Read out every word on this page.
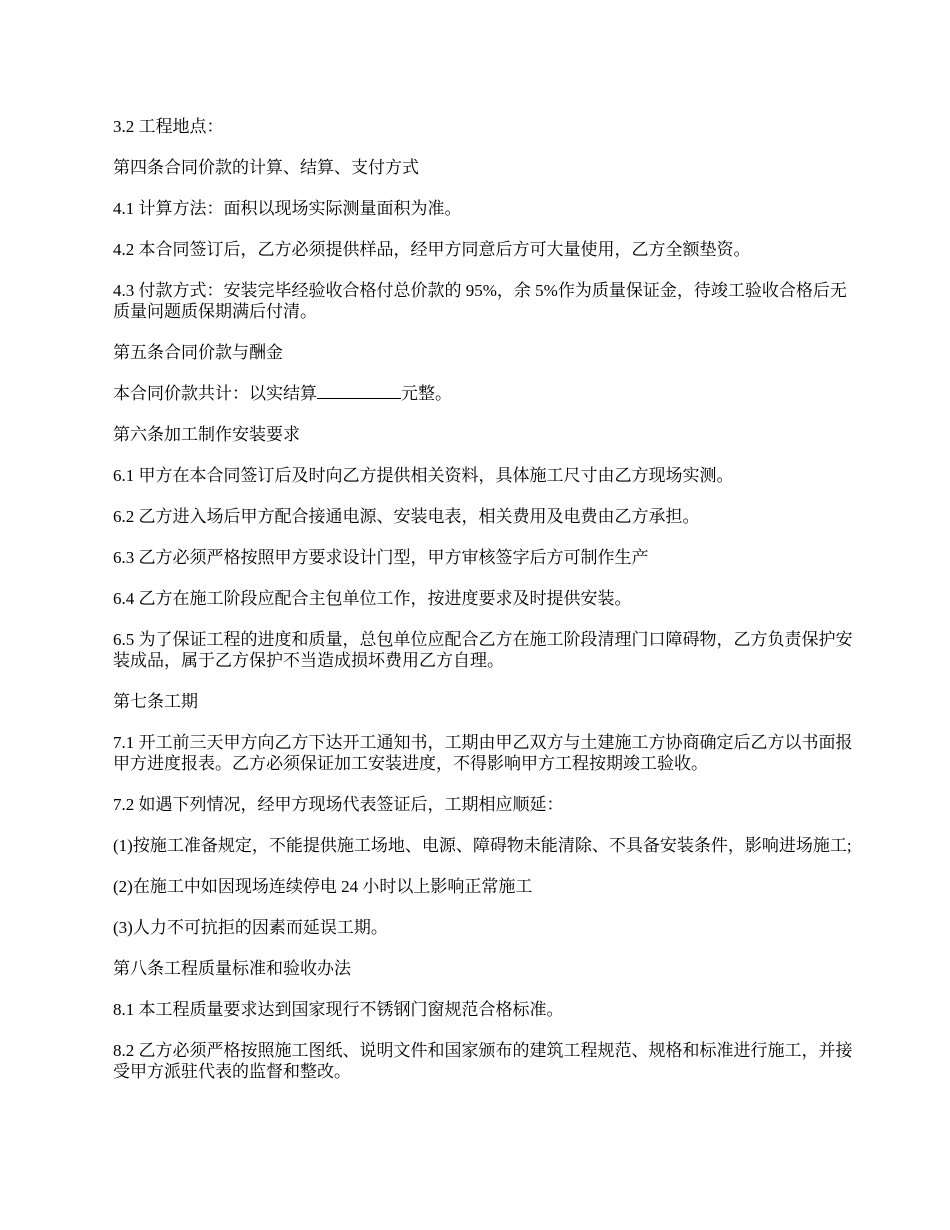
3.2 工程地点：

第四条合同价款的计算、结算、支付方式

4.1 计算方法：面积以现场实际测量面积为准。

4.2 本合同签订后，乙方必须提供样品，经甲方同意后方可大量使用，乙方全额垫资。

4.3 付款方式：安装完毕经验收合格付总价款的 95%，余 5%作为质量保证金，待竣工验收合格后无质量问题质保期满后付清。

第五条合同价款与酬金

本合同价款共计：以实结算	元整。

第六条加工制作安装要求

6.1 甲方在本合同签订后及时向乙方提供相关资料，具体施工尺寸由乙方现场实测。

6.2 乙方进入场后甲方配合接通电源、安装电表，相关费用及电费由乙方承担。

6.3 乙方必须严格按照甲方要求设计门型，甲方审核签字后方可制作生产

6.4 乙方在施工阶段应配合主包单位工作，按进度要求及时提供安装。

6.5 为了保证工程的进度和质量，总包单位应配合乙方在施工阶段清理门口障碍物，乙方负责保护安装成品，属于乙方保护不当造成损坏费用乙方自理。

第七条工期

7.1 开工前三天甲方向乙方下达开工通知书，工期由甲乙双方与土建施工方协商确定后乙方以书面报甲方进度报表。乙方必须保证加工安装进度，不得影响甲方工程按期竣工验收。

7.2 如遇下列情况，经甲方现场代表签证后，工期相应顺延：

(1)按施工准备规定，不能提供施工场地、电源、障碍物未能清除、不具备安装条件，影响进场施工;

(2)在施工中如因现场连续停电 24 小时以上影响正常施工

(3)人力不可抗拒的因素而延误工期。

第八条工程质量标准和验收办法

8.1 本工程质量要求达到国家现行不锈钢门窗规范合格标准。

8.2 乙方必须严格按照施工图纸、说明文件和国家颁布的建筑工程规范、规格和标准进行施工，并接受甲方派驻代表的监督和整改。
